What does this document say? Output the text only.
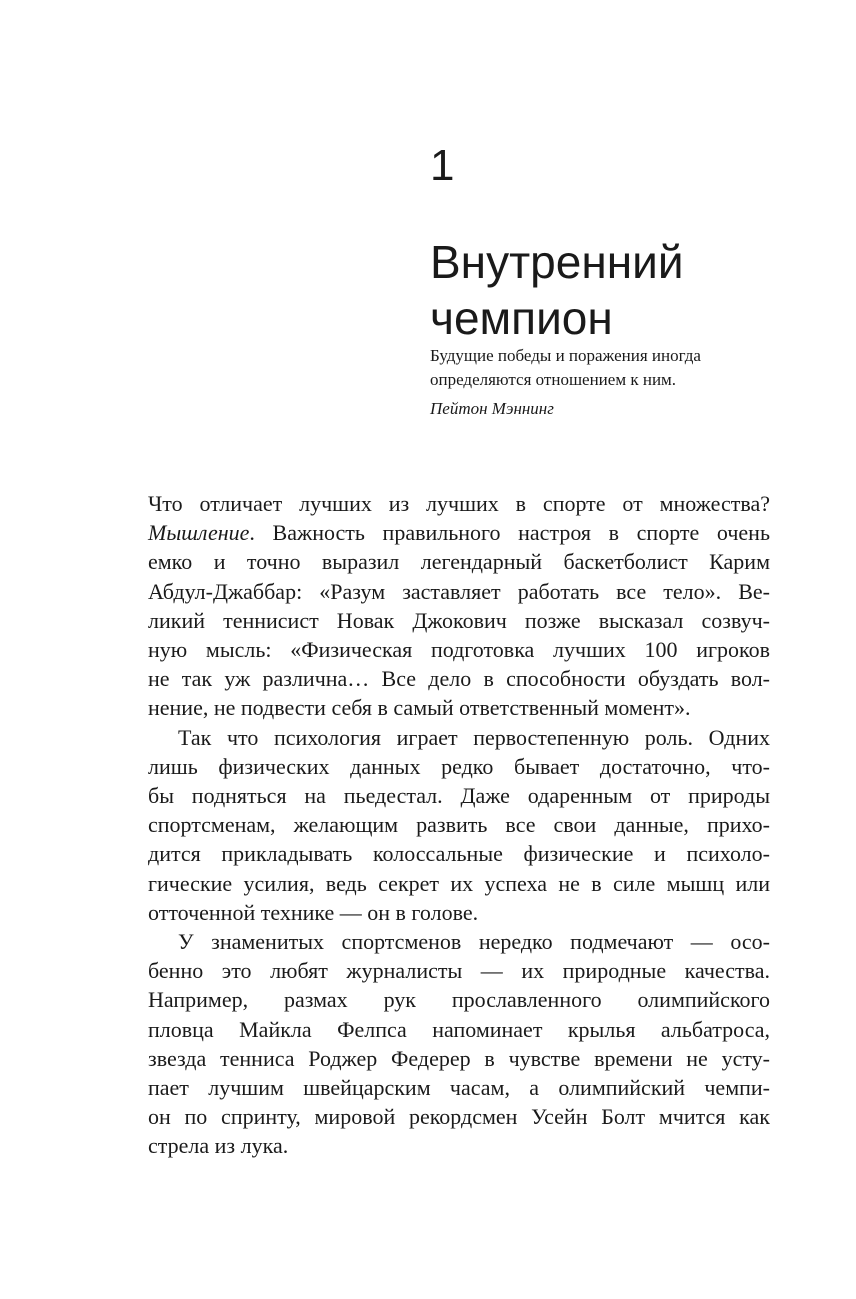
1
Внутренний
чемпион
Будущие победы и поражения иногда
определяются отношением к ним.
Пейтон Мэннинг
Что отличает лучших из лучших в спорте от множества?
Мышление. Важность правильного настроя в спорте очень
емко и точно выразил легендарный баскетболист Карим
Абдул-Джаббар: «Разум заставляет работать все тело». Ве-
ликий теннисист Новак Джокович позже высказал созвуч-
ную мысль: «Физическая подготовка лучших 100 игроков
не так уж различна… Все дело в способности обуздать вол-
нение, не подвести себя в самый ответственный момент».
Так что психология играет первостепенную роль. Одних
лишь физических данных редко бывает достаточно, что-
бы подняться на пьедестал. Даже одаренным от природы
спортсменам, желающим развить все свои данные, прихо-
дится прикладывать колоссальные физические и психоло-
гические усилия, ведь секрет их успеха не в силе мышц или
отточенной технике — он в голове.
У знаменитых спортсменов нередко подмечают — осо-
бенно это любят журналисты — их природные качества.
Например, размах рук прославленного олимпийского
пловца Майкла Фелпса напоминает крылья альбатроса,
звезда тенниса Роджер Федерер в чувстве времени не усту-
пает лучшим швейцарским часам, а олимпийский чемпи-
он по спринту, мировой рекордсмен Усейн Болт мчится как
стрела из лука.
